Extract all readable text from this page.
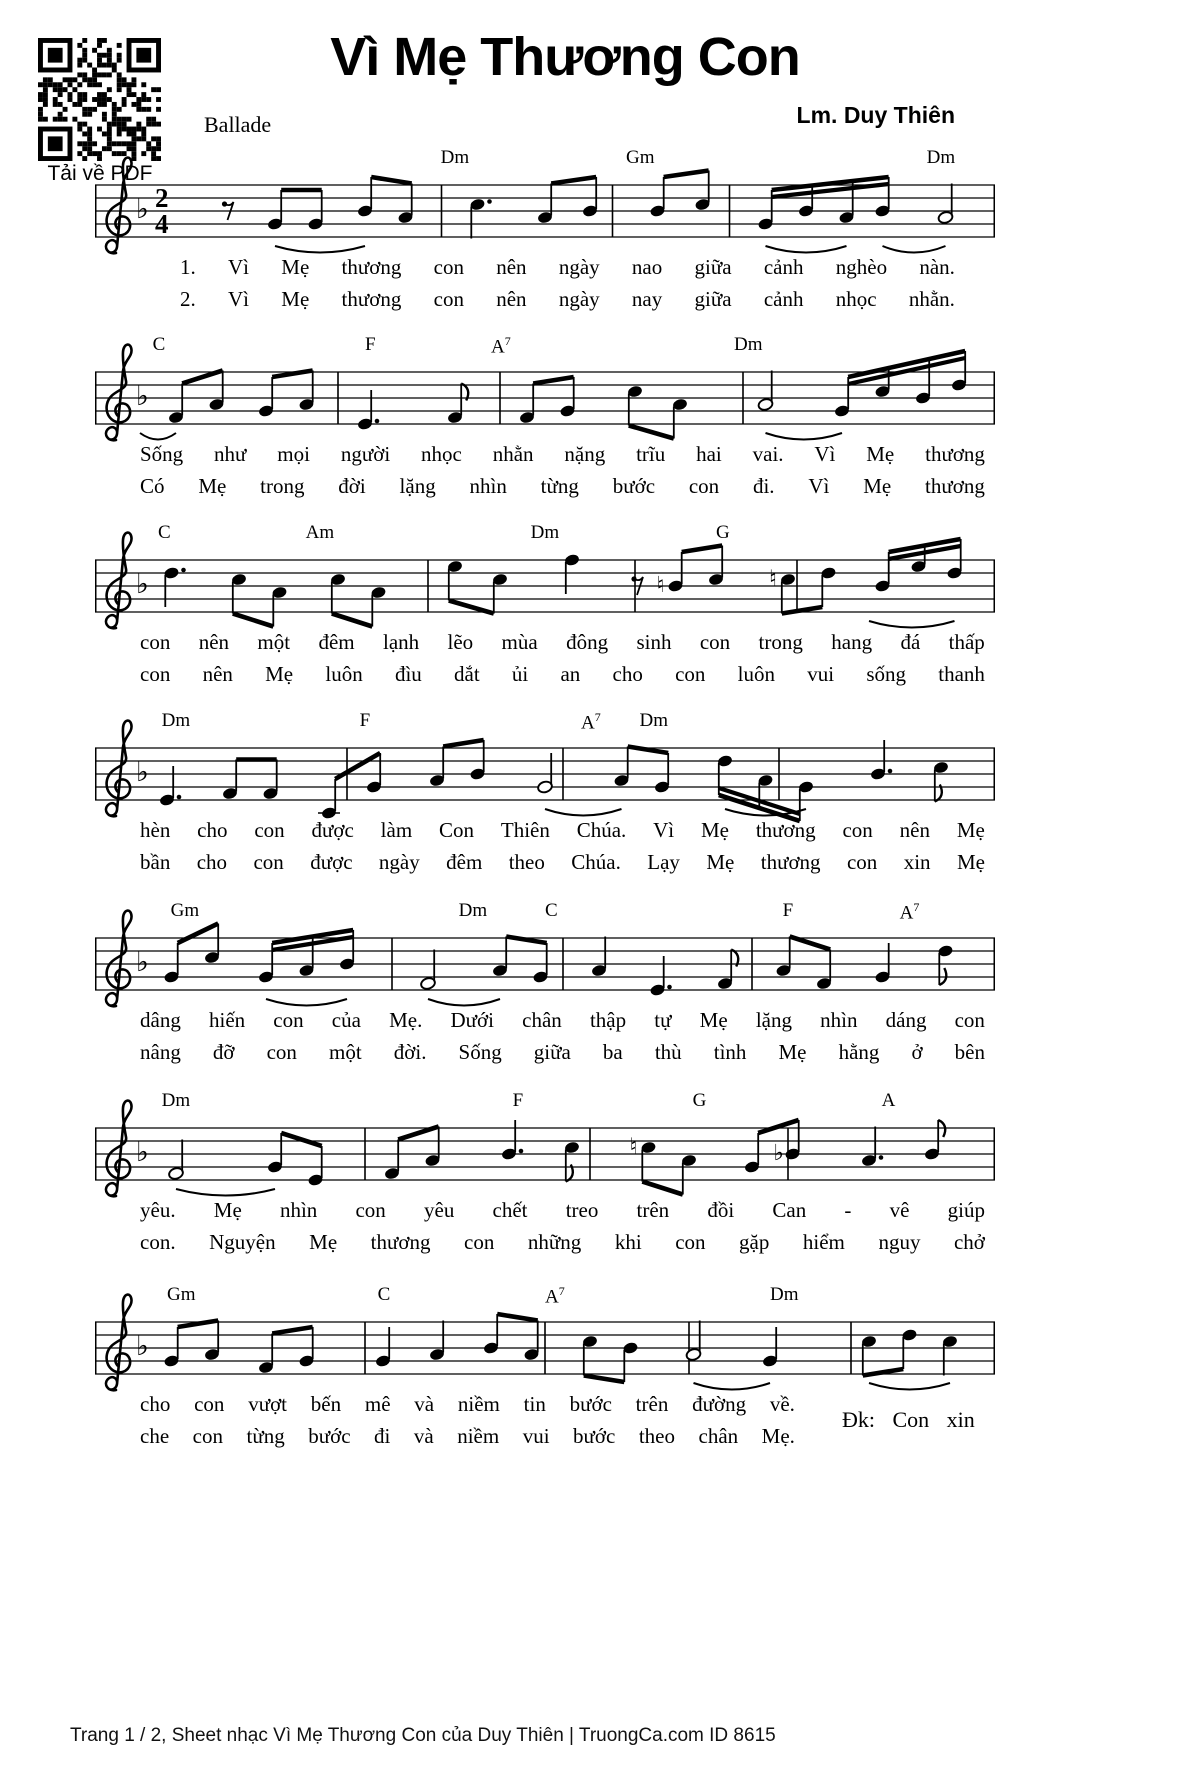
Tải về PDF
Vì Mẹ Thương Con
Ballade	Lm. Duy Thiên
Dm	Gm	Dm
♭ 2
4
1. Vì Mẹ thương con nên ngày nao giữa cảnh nghèo nàn.
2. Vì Mẹ thương con nên ngày nay giữa cảnh nhọc nhằn.
C	F	$A^7$	Dm
♭
Sống như mọi người nhọc nhằn nặng trĩu hai vai. Vì Mẹ thương
Có Mẹ trong đời lặng nhìn từng bước con đi. Vì Mẹ thương
C	Am	Dm	G
♭	♮	♮
con nên một đêm lạnh lẽo mùa đông sinh con trong hang đá thấp
con nên Mẹ luôn đìu dắt ủi an cho con luôn vui sống thanh
Dm	F	$A^7$ Dm
♭
hèn cho con được làm Con Thiên Chúa. Vì Mẹ thương con nên Mẹ
bần cho con được ngày đêm theo Chúa. Lạy Mẹ thương con xin Mẹ
Gm	Dm	C	F	$A^7$
♭
dâng hiến con của Mẹ. Dưới chân thập tự Mẹ lặng nhìn dáng con
nâng đỡ con một đời. Sống giữa ba thù tình Mẹ hằng ở bên
Dm	F	G	A
♭	♮	♭
yêu. Mẹ nhìn con yêu chết treo trên đồi Can - vê giúp
con. Nguyện Mẹ thương con những khi con gặp hiểm nguy chở
Gm	C	$A^7$	Dm
♭
cho con vượt bến mê và niềm tin bước trên đường về.
che con từng bước đi và niềm vui bước theo chân Mẹ.
Đk: Con xin
Trang 1 / 2, Sheet nhạc Vì Mẹ Thương Con của Duy Thiên | TruongCa.com ID 8615
